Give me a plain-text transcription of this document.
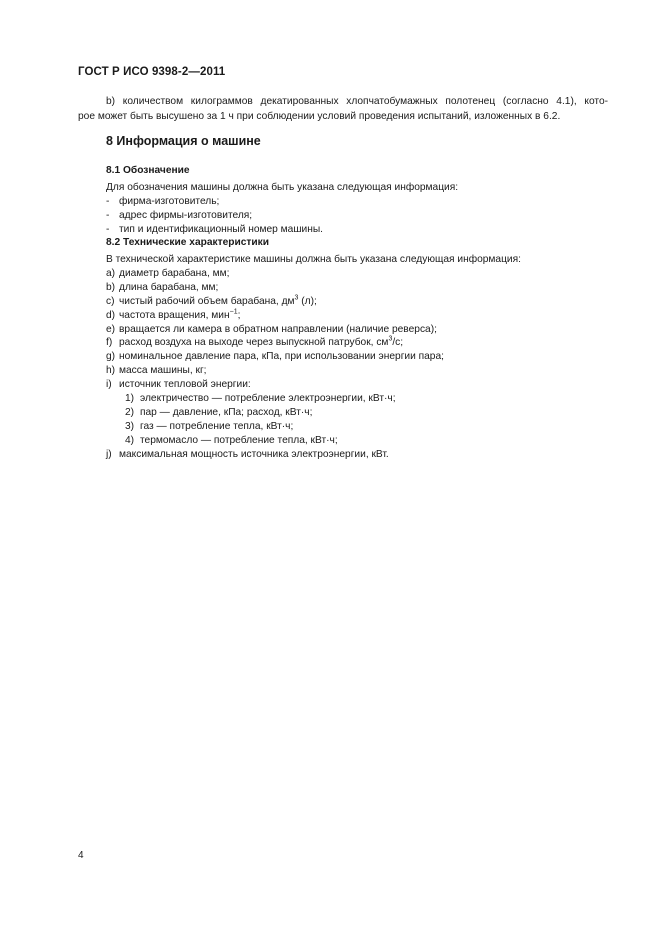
ГОСТ Р ИСО 9398-2—2011
b) количеством килограммов декатированных хлопчатобумажных полотенец (согласно 4.1), кото-
рое может быть высушено за 1 ч при соблюдении условий проведения испытаний, изложенных в 6.2.
8 Информация о машине
8.1 Обозначение
Для обозначения машины должна быть указана следующая информация:
- фирма-изготовитель;
- адрес фирмы-изготовителя;
- тип и идентификационный номер машины.
8.2 Технические характеристики
В технической характеристике машины должна быть указана следующая информация:
a) диаметр барабана, мм;
b) длина барабана, мм;
c) чистый рабочий объем барабана, $дм^3$ (л);
d) частота вращения, мин$^{-1}$;
e) вращается ли камера в обратном направлении (наличие реверса);
f) расход воздуха на выходе через выпускной патрубок, $см^3/с$;
g) номинальное давление пара, кПа, при использовании энергии пара;
h) масса машины, кг;
i) источник тепловой энергии:
1) электричество — потребление электроэнергии, кВт·ч;
2) пар — давление, кПа; расход, кВт·ч;
3) газ — потребление тепла, кВт·ч;
4) термомасло — потребление тепла, кВт·ч;
j) максимальная мощность источника электроэнергии, кВт.
4
